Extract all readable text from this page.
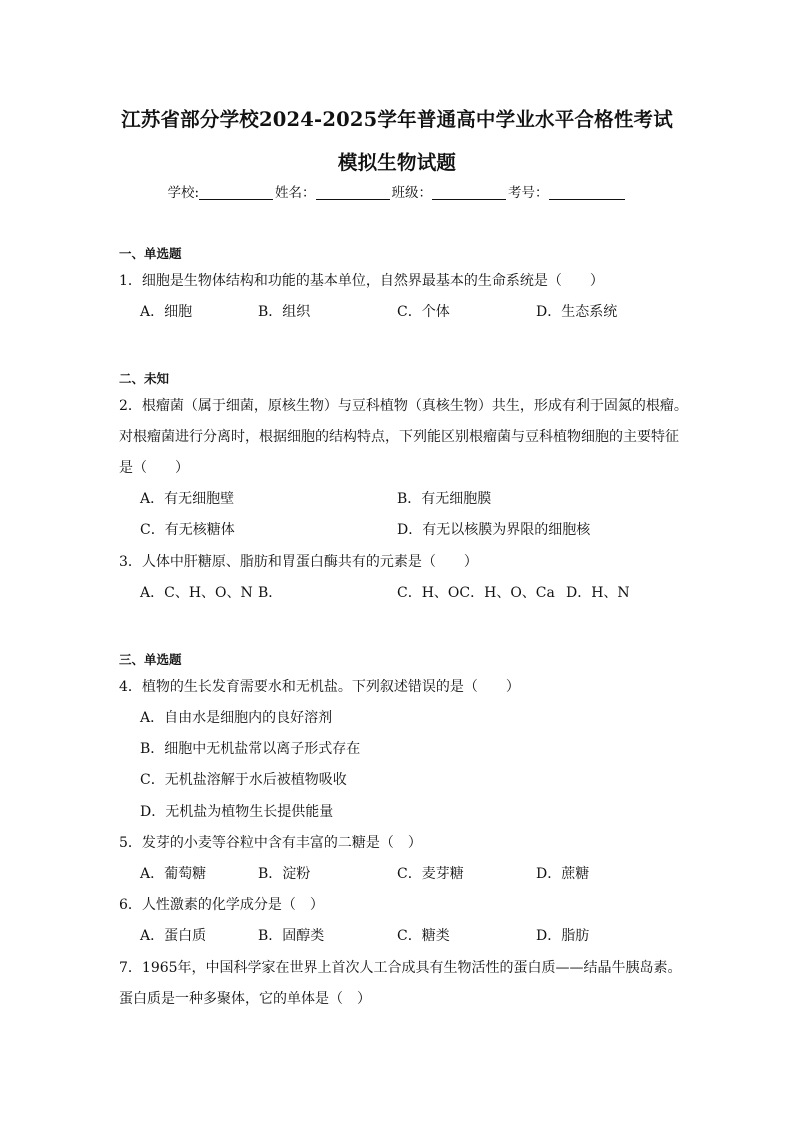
江苏省部分学校2024-2025学年普通高中学业水平合格性考试
模拟生物试题
学校:	姓名：	班级：	考号：
一、单选题
1．细胞是生物体结构和功能的基本单位，自然界最基本的生命系统是（　　）
A．细胞	B．组织	C．个体	D．生态系统
二、未知
2．根瘤菌（属于细菌，原核生物）与豆科植物（真核生物）共生，形成有利于固氮的根瘤。
对根瘤菌进行分离时，根据细胞的结构特点，下列能区别根瘤菌与豆科植物细胞的主要特征
是（　　）
A．有无细胞壁	B．有无细胞膜
C．有无核糖体	D．有无以核膜为界限的细胞核
3．人体中肝糖原、脂肪和胃蛋白酶共有的元素是（　　）
A．C、H、O、N B．	C．H、OC．H、O、Ca D．H、N
三、单选题
4．植物的生长发育需要水和无机盐。下列叙述错误的是（　　）
A．自由水是细胞内的良好溶剂
B．细胞中无机盐常以离子形式存在
C．无机盐溶解于水后被植物吸收
D．无机盐为植物生长提供能量
5．发芽的小麦等谷粒中含有丰富的二糖是（　）
A．葡萄糖	B．淀粉	C．麦芽糖	D．蔗糖
6．人性激素的化学成分是（　）
A．蛋白质	B．固醇类	C．糖类	D．脂肪
7．1965年，中国科学家在世界上首次人工合成具有生物活性的蛋白质——结晶牛胰岛素。
蛋白质是一种多聚体，它的单体是（　）
